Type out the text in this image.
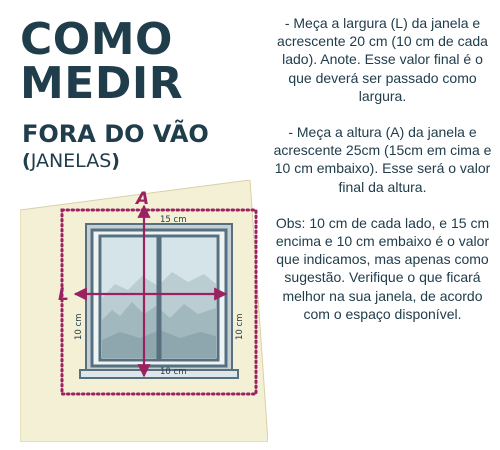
COMO
MEDIR
FORA DO VÃO
(JANELAS)

- Meça a largura (L) da janela e acrescente 20 cm (10 cm de cada lado). Anote. Esse valor final é o que deverá ser passado como largura.

- Meça a altura (A) da janela e acrescente 25cm (15cm em cima e 10 cm embaixo). Esse será o valor final da altura.

Obs: 10 cm de cada lado, e 15 cm encima e 10 cm embaixo é o valor que indicamos, mas apenas como sugestão. Verifique o que ficará melhor na sua janela, de acordo com o espaço disponível.

A
L
15 cm
10 cm
10 cm	10 cm
